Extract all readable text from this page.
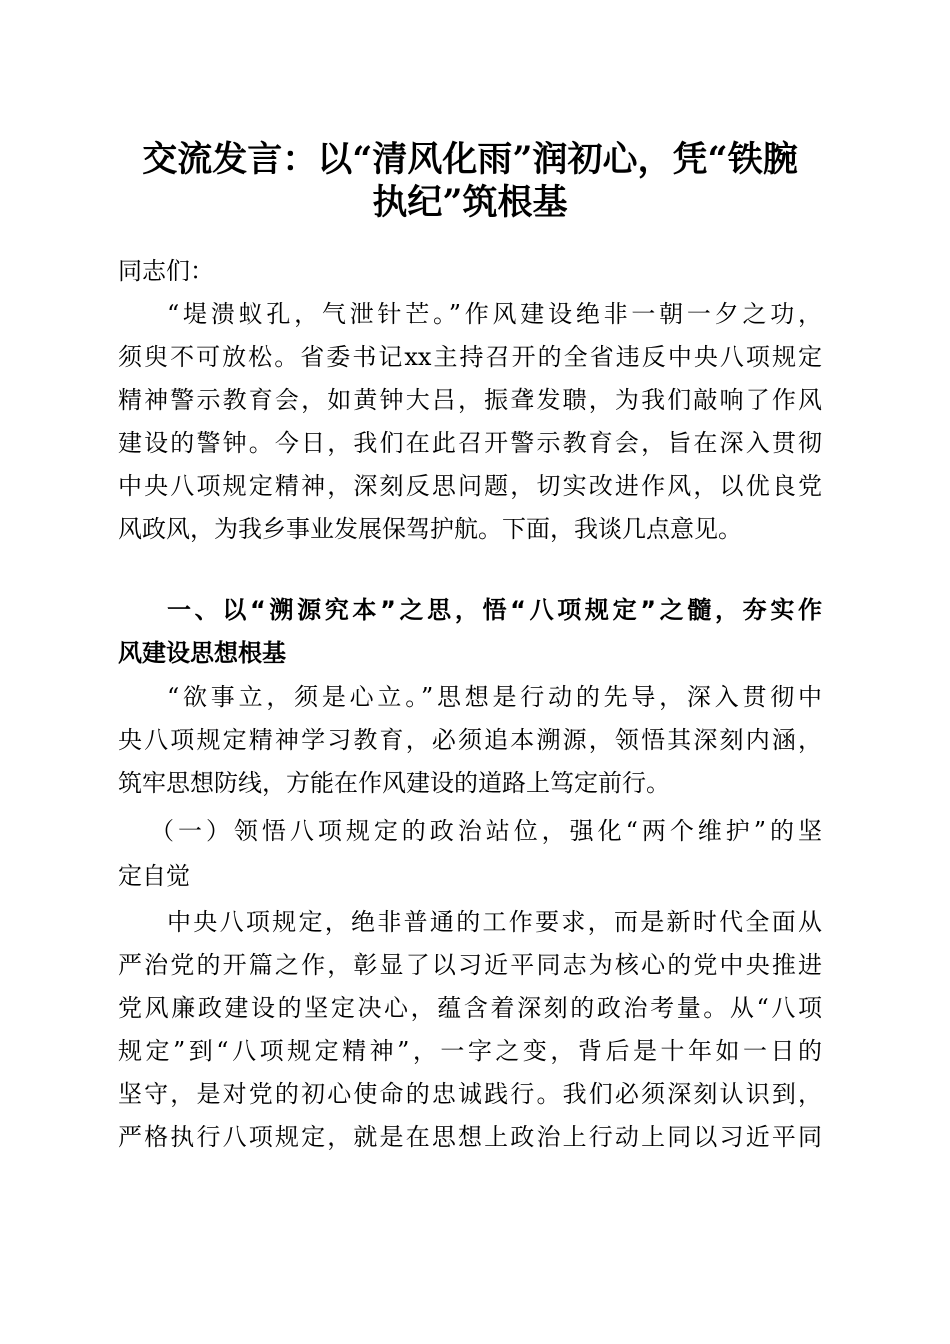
交流发言：以“清风化雨”润初心，凭“铁腕
执纪”筑根基
同志们：
“堤溃蚁孔，气泄针芒。”作风建设绝非一朝一夕之功，
须臾不可放松。省委书记xx主持召开的全省违反中央八项规定
精神警示教育会，如黄钟大吕，振聋发聩，为我们敲响了作风
建设的警钟。今日，我们在此召开警示教育会，旨在深入贯彻
中央八项规定精神，深刻反思问题，切实改进作风，以优良党
风政风，为我乡事业发展保驾护航。下面，我谈几点意见。
一、以“溯源究本”之思，悟“八项规定”之髓，夯实作
风建设思想根基
“欲事立，须是心立。”思想是行动的先导，深入贯彻中
央八项规定精神学习教育，必须追本溯源，领悟其深刻内涵，
筑牢思想防线，方能在作风建设的道路上笃定前行。
（一）领悟八项规定的政治站位，强化“两个维护”的坚
定自觉
中央八项规定，绝非普通的工作要求，而是新时代全面从
严治党的开篇之作，彰显了以习近平同志为核心的党中央推进
党风廉政建设的坚定决心，蕴含着深刻的政治考量。从“八项
规定”到“八项规定精神”，一字之变，背后是十年如一日的
坚守，是对党的初心使命的忠诚践行。我们必须深刻认识到，
严格执行八项规定，就是在思想上政治上行动上同以习近平同
